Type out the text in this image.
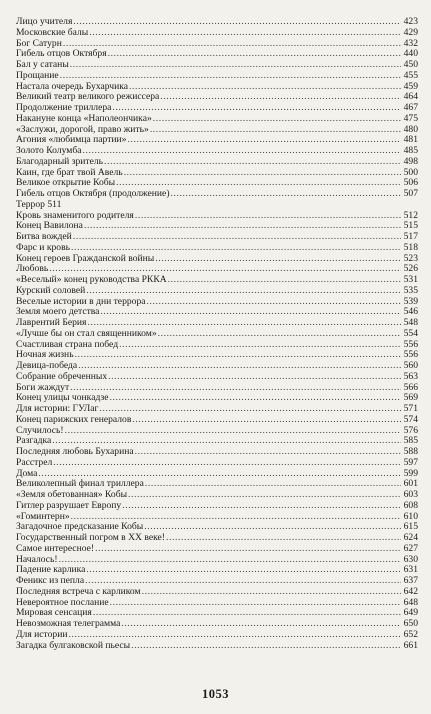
Лицо учителя .....	423
Московские балы .....	429
Бог Сатурн .....	432
Гибель отцов Октября .....	440
Бал у сатаны .....	450
Прощание .....	455
Настала очередь Бухарчика .....	459
Великий театр великого режиссера .....	464
Продолжение триллера .....	467
Накануне конца «Наполеончика» .....	475
«Заслужи, дорогой, право жить» .....	480
Агония «любимца партии» .....	481
Золото Колумба .....	485
Благодарный зритель .....	498
Каин, где брат твой Авель .....	500
Великое открытие Кобы .....	506
Гибель отцов Октября (продолжение) .....	507
Террор 511
Кровь знаменитого родителя .....	512
Конец Вавилона .....	515
Битва вождей .....	517
Фарс и кровь .....	518
Конец героев Гражданской войны .....	523
Любовь .....	526
«Веселый» конец руководства РККА .....	531
Курский соловей .....	535
Веселые истории в дни террора .....	539
Земля моего детства .....	546
Лаврентий Берия .....	548
«Лучше бы он стал священником» .....	554
Счастливая страна побед .....	556
Ночная жизнь .....	556
Девица-победа .....	560
Собрание обреченных .....	563
Боги жаждут .....	566
Конец улицы чонкадзе .....	569
Для истории: ГУЛаг .....	571
Конец парижских генералов .....	574
Случилось! .....	576
Разгадка .....	585
Последняя любовь Бухарина .....	588
Расстрел .....	597
Дома .....	599
Великолепный финал триллера .....	601
«Земля обетованная» Кобы .....	603
Гитлер разрушает Европу .....	608
«Гоминтерн» .....	610
Загадочное предсказание Кобы .....	615
Государственный погром в XX веке! .....	624
Самое интересное! .....	627
Началось! .....	630
Падение карлика .....	631
Феникс из пепла .....	637
Последняя встреча с карликом .....	642
Невероятное послание .....	648
Мировая сенсация .....	649
Невозможная телеграмма .....	650
Для истории .....	652
Загадка булгаковской пьесы .....	661
1053
